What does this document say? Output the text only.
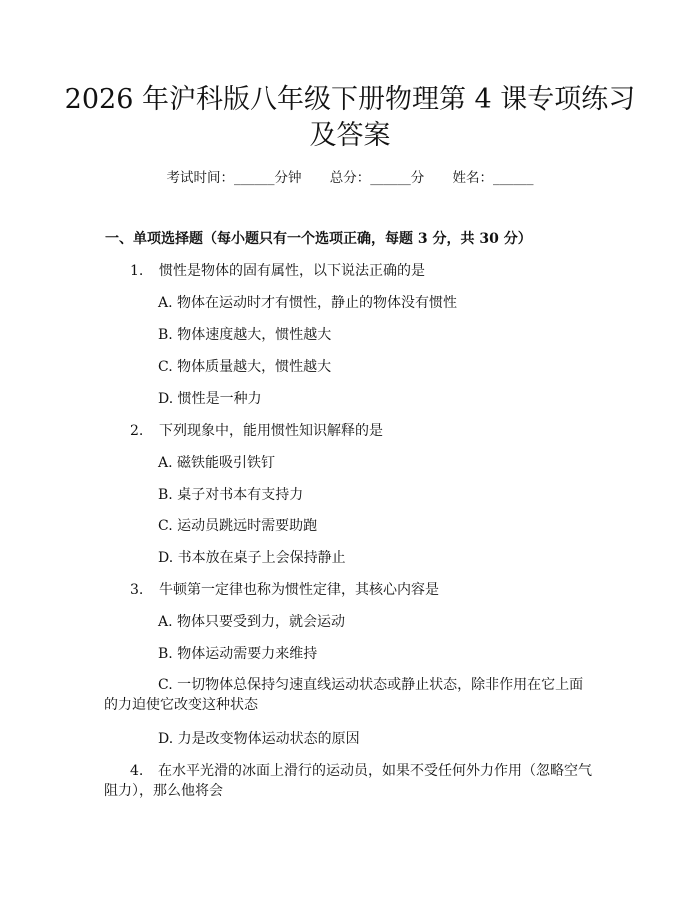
2026 年沪科版八年级下册物理第 4 课专项练习及答案
考试时间：______分钟 总分：______分 姓名：______
一、单项选择题（每小题只有一个选项正确，每题 3 分，共 30 分）
1. 惯性是物体的固有属性，以下说法正确的是
A. 物体在运动时才有惯性，静止的物体没有惯性
B. 物体速度越大，惯性越大
C. 物体质量越大，惯性越大
D. 惯性是一种力
2. 下列现象中，能用惯性知识解释的是
A. 磁铁能吸引铁钉
B. 桌子对书本有支持力
C. 运动员跳远时需要助跑
D. 书本放在桌子上会保持静止
3. 牛顿第一定律也称为惯性定律，其核心内容是
A. 物体只要受到力，就会运动
B. 物体运动需要力来维持
C. 一切物体总保持匀速直线运动状态或静止状态，除非作用在它上面的力迫使它改变这种状态
D. 力是改变物体运动状态的原因
4. 在水平光滑的冰面上滑行的运动员，如果不受任何外力作用（忽略空气阻力），那么他将会
